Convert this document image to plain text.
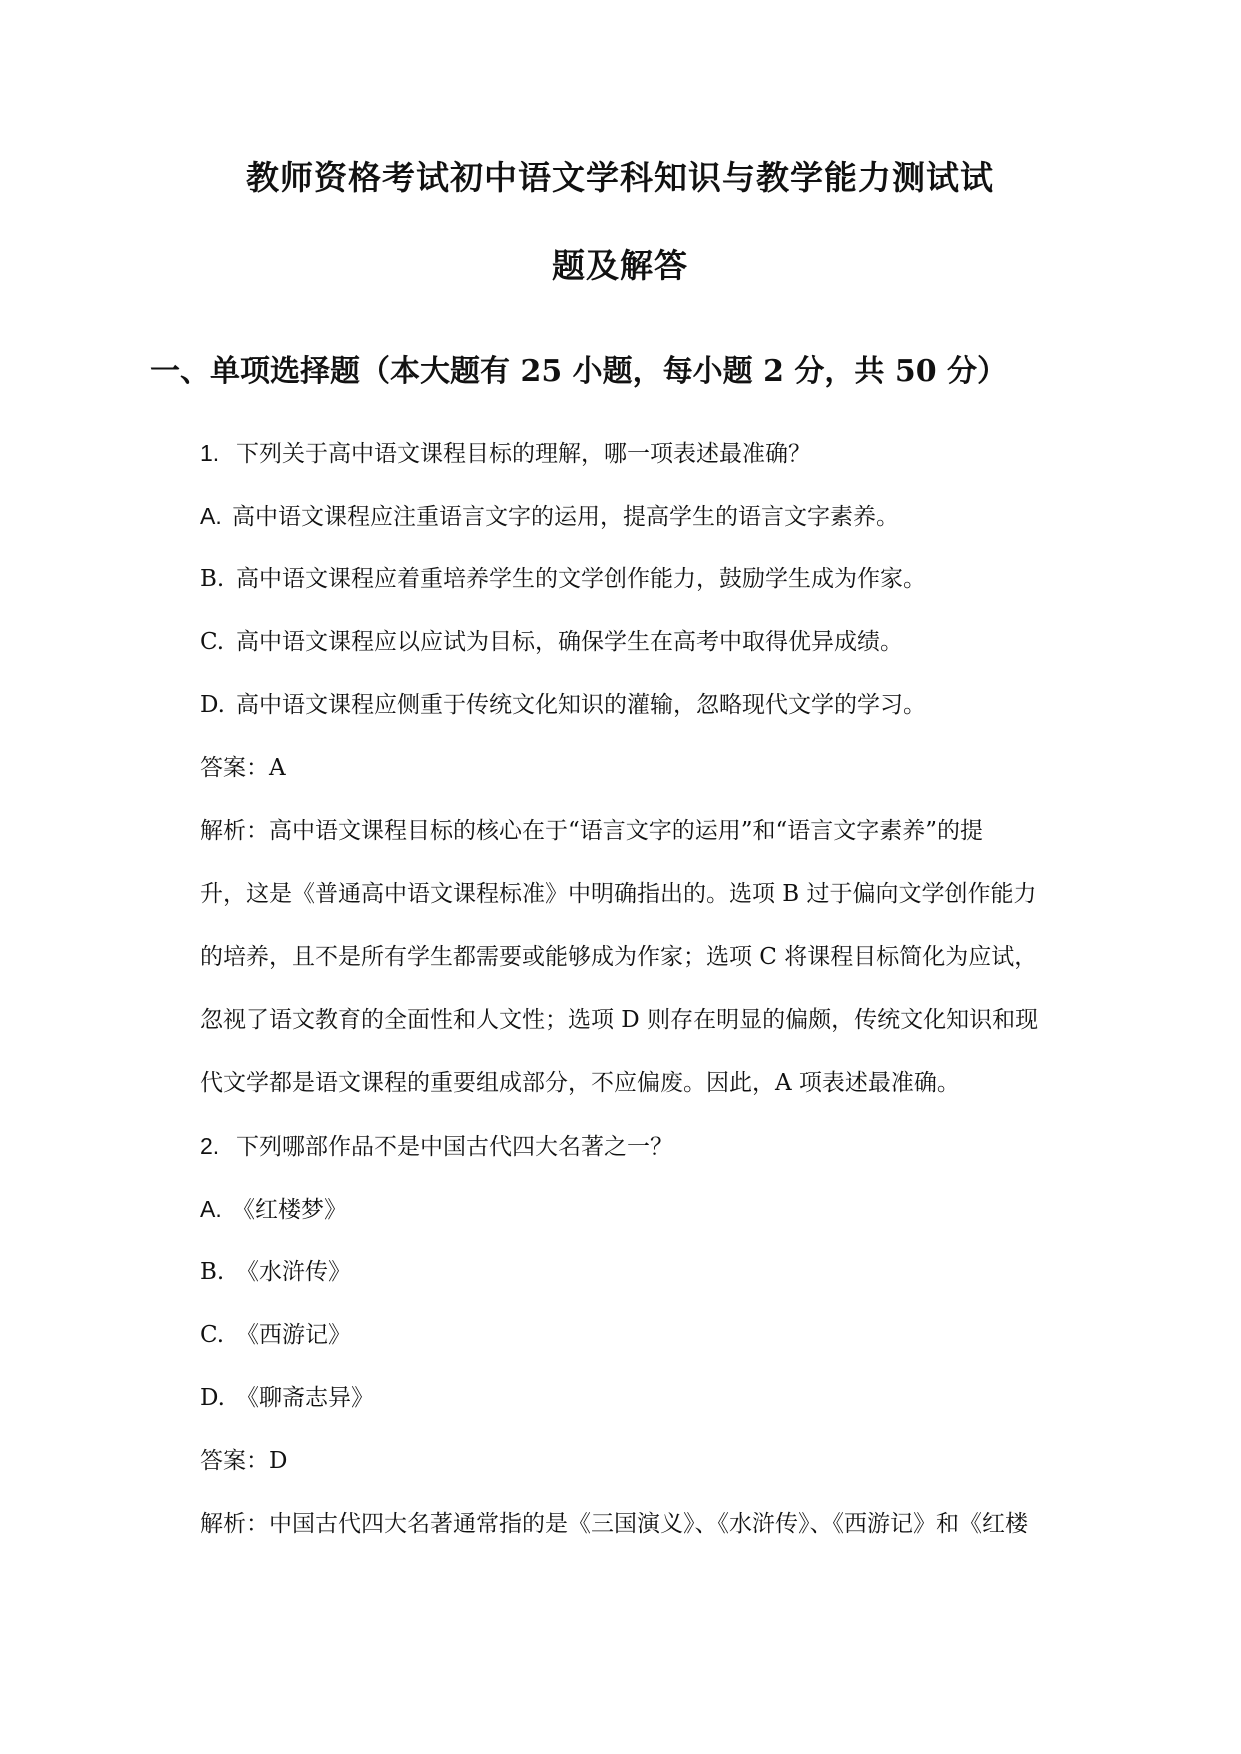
教师资格考试初中语文学科知识与教学能力测试试
题及解答
一、单项选择题（本大题有 25 小题，每小题 2 分，共 50 分）

1. 下列关于高中语文课程目标的理解，哪一项表述最准确？

A. 高中语文课程应注重语言文字的运用，提高学生的语言文字素养。

B. 高中语文课程应着重培养学生的文学创作能力，鼓励学生成为作家。

C. 高中语文课程应以应试为目标，确保学生在高考中取得优异成绩。

D. 高中语文课程应侧重于传统文化知识的灌输，忽略现代文学的学习。

答案：A

解析：高中语文课程目标的核心在于“语言文字的运用”和“语言文字素养”的提

升，这是《普通高中语文课程标准》中明确指出的。选项 B 过于偏向文学创作能力

的培养，且不是所有学生都需要或能够成为作家；选项 C 将课程目标简化为应试，

忽视了语文教育的全面性和人文性；选项 D 则存在明显的偏颇，传统文化知识和现

代文学都是语文课程的重要组成部分，不应偏废。因此，A 项表述最准确。

2. 下列哪部作品不是中国古代四大名著之一？

A. 《红楼梦》

B. 《水浒传》

C. 《西游记》

D. 《聊斋志异》

答案：D

解析：中国古代四大名著通常指的是《三国演义》、《水浒传》、《西游记》和《红楼
